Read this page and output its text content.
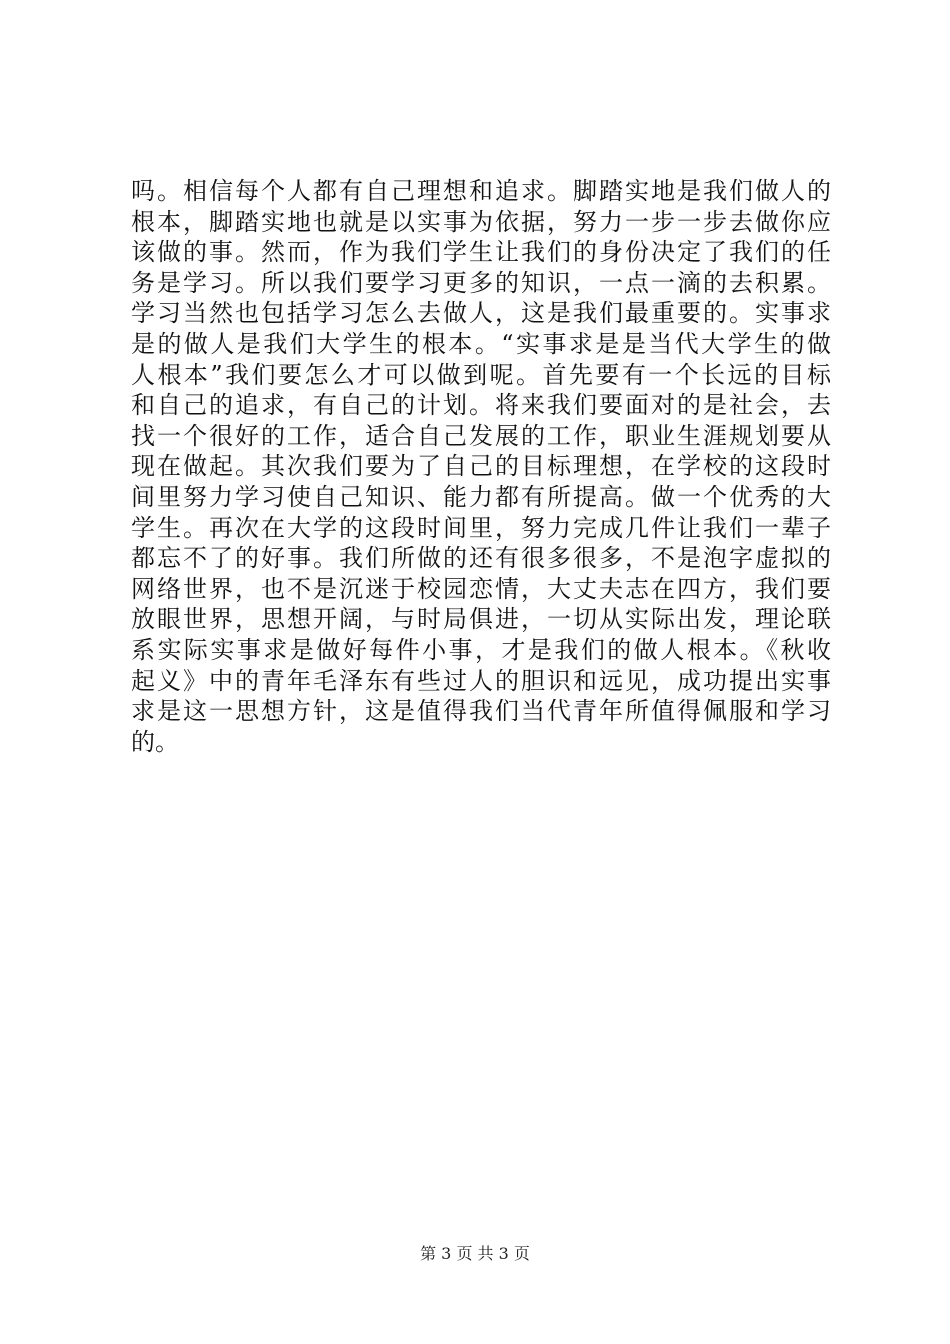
吗。相信每个人都有自己理想和追求。脚踏实地是我们做人的
根本，脚踏实地也就是以实事为依据，努力一步一步去做你应
该做的事。然而，作为我们学生让我们的身份决定了我们的任
务是学习。所以我们要学习更多的知识，一点一滴的去积累。
学习当然也包括学习怎么去做人，这是我们最重要的。实事求
是的做人是我们大学生的根本。“实事求是是当代大学生的做
人根本”我们要怎么才可以做到呢。首先要有一个长远的目标
和自己的追求，有自己的计划。将来我们要面对的是社会，去
找一个很好的工作，适合自己发展的工作，职业生涯规划要从
现在做起。其次我们要为了自己的目标理想，在学校的这段时
间里努力学习使自己知识、能力都有所提高。做一个优秀的大
学生。再次在大学的这段时间里，努力完成几件让我们一辈子
都忘不了的好事。我们所做的还有很多很多，不是泡字虚拟的
网络世界，也不是沉迷于校园恋情，大丈夫志在四方，我们要
放眼世界，思想开阔，与时局俱进，一切从实际出发，理论联
系实际实事求是做好每件小事，才是我们的做人根本。《秋收
起义》中的青年毛泽东有些过人的胆识和远见，成功提出实事
求是这一思想方针，这是值得我们当代青年所值得佩服和学习
的。
第 3 页 共 3 页
